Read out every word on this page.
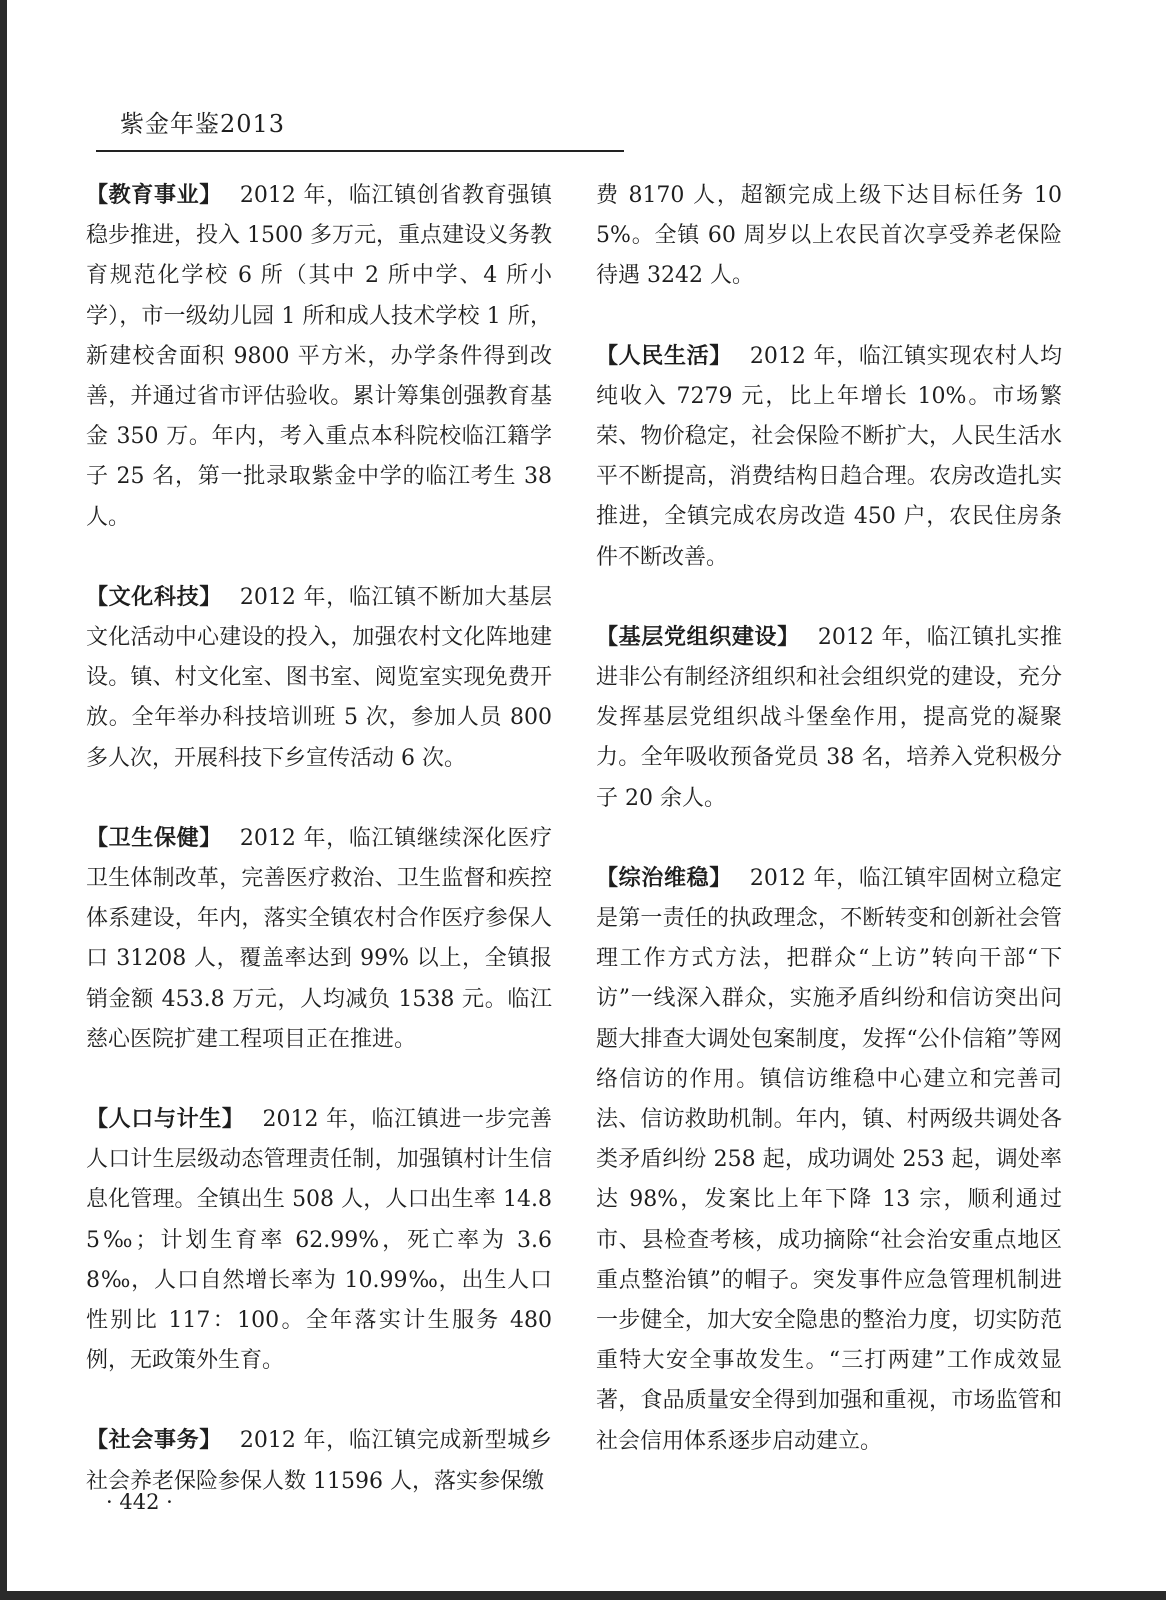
紫金年鉴2013

【教育事业】 2012 年，临江镇创省教育强镇稳步推进，投入 1500 多万元，重点建设义务教育规范化学校 6 所（其中 2 所中学、4 所小学），市一级幼儿园 1 所和成人技术学校 1 所，新建校舍面积 9800 平方米，办学条件得到改善，并通过省市评估验收。累计筹集创强教育基金 350 万。年内，考入重点本科院校临江籍学子 25 名，第一批录取紫金中学的临江考生 38 人。

【文化科技】 2012 年，临江镇不断加大基层文化活动中心建设的投入，加强农村文化阵地建设。镇、村文化室、图书室、阅览室实现免费开放。全年举办科技培训班 5 次，参加人员 800 多人次，开展科技下乡宣传活动 6 次。

【卫生保健】 2012 年，临江镇继续深化医疗卫生体制改革，完善医疗救治、卫生监督和疾控体系建设，年内，落实全镇农村合作医疗参保人口 31208 人，覆盖率达到 99% 以上，全镇报销金额 453.8 万元，人均减负 1538 元。临江慈心医院扩建工程项目正在推进。

【人口与计生】 2012 年，临江镇进一步完善人口计生层级动态管理责任制，加强镇村计生信息化管理。全镇出生 508 人，人口出生率 14.85‰；计划生育率 62.99%，死亡率为 3.68‰，人口自然增长率为 10.99‰，出生人口性别比 117：100。全年落实计生服务 480 例，无政策外生育。

【社会事务】 2012 年，临江镇完成新型城乡社会养老保险参保人数 11596 人，落实参保缴

费 8170 人，超额完成上级下达目标任务 105%。全镇 60 周岁以上农民首次享受养老保险待遇 3242 人。

【人民生活】 2012 年，临江镇实现农村人均纯收入 7279 元，比上年增长 10%。市场繁荣、物价稳定，社会保险不断扩大，人民生活水平不断提高，消费结构日趋合理。农房改造扎实推进，全镇完成农房改造 450 户，农民住房条件不断改善。

【基层党组织建设】 2012 年，临江镇扎实推进非公有制经济组织和社会组织党的建设，充分发挥基层党组织战斗堡垒作用，提高党的凝聚力。全年吸收预备党员 38 名，培养入党积极分子 20 余人。

【综治维稳】 2012 年，临江镇牢固树立稳定是第一责任的执政理念，不断转变和创新社会管理工作方式方法，把群众“上访”转向干部“下访”一线深入群众，实施矛盾纠纷和信访突出问题大排查大调处包案制度，发挥“公仆信箱”等网络信访的作用。镇信访维稳中心建立和完善司法、信访救助机制。年内，镇、村两级共调处各类矛盾纠纷 258 起，成功调处 253 起，调处率达 98%，发案比上年下降 13 宗，顺利通过市、县检查考核，成功摘除“社会治安重点地区重点整治镇”的帽子。突发事件应急管理机制进一步健全，加大安全隐患的整治力度，切实防范重特大安全事故发生。“三打两建”工作成效显著，食品质量安全得到加强和重视，市场监管和社会信用体系逐步启动建立。

· 442 ·
